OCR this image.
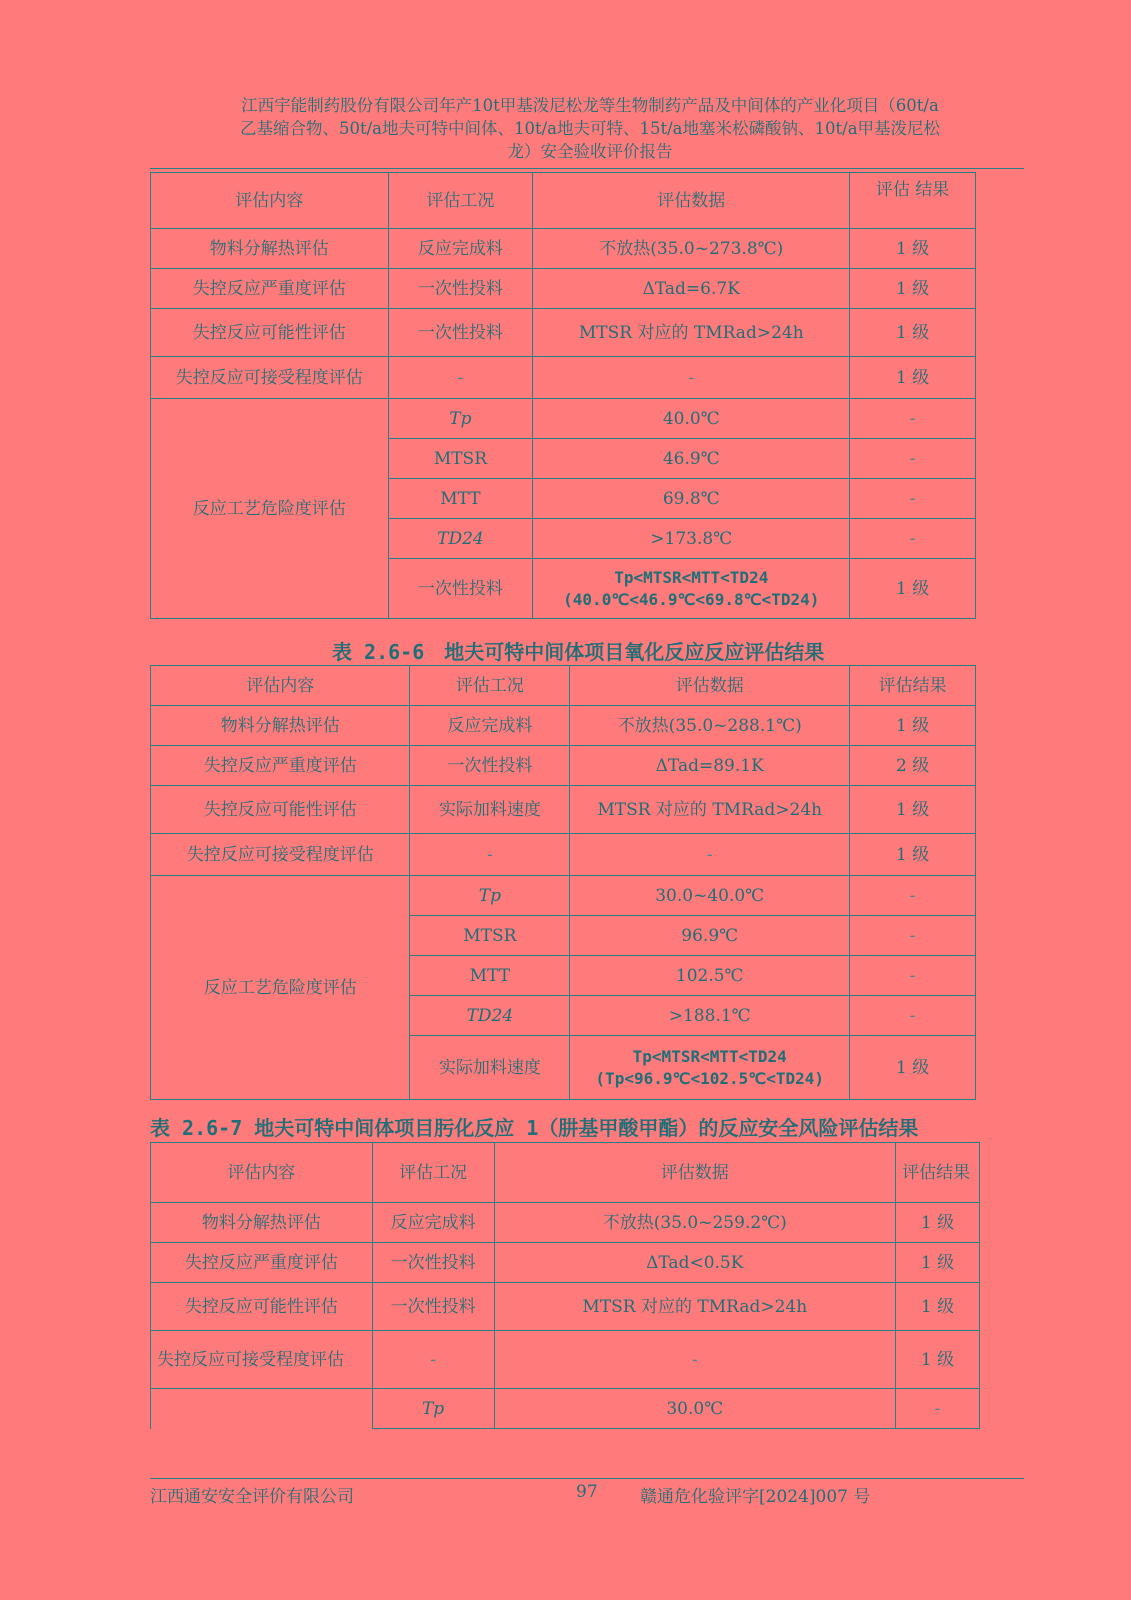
江西宇能制药股份有限公司年产10t甲基泼尼松龙等生物制药产品及中间体的产业化项目（60t/a
乙基缩合物、50t/a地夫可特中间体、10t/a地夫可特、15t/a地塞米松磷酸钠、10t/a甲基泼尼松
龙）安全验收评价报告
评估内容	评估工况	评估数据	评估 结果
物料分解热评估	反应完成料	不放热(35.0~273.8℃)	1 级
失控反应严重度评估	一次性投料	ΔTad=6.7K	1 级
失控反应可能性评估	一次性投料	MTSR 对应的 TMRad>24h	1 级
失控反应可接受程度评估	-	-	1 级
反应工艺危险度评估	Tp	40.0℃	-
	MTSR	46.9℃	-
	MTT	69.8℃	-
	TD24	>173.8℃	-
	一次性投料	Tp<MTSR<MTT<TD24
(40.0℃<46.9℃<69.8℃<TD24)	1 级
表 2.6-6　地夫可特中间体项目氧化反应反应评估结果
评估内容	评估工况	评估数据	评估结果
物料分解热评估	反应完成料	不放热(35.0~288.1℃)	1 级
失控反应严重度评估	一次性投料	ΔTad=89.1K	2 级
失控反应可能性评估	实际加料速度	MTSR 对应的 TMRad>24h	1 级
失控反应可接受程度评估	-	-	1 级
反应工艺危险度评估	Tp	30.0~40.0℃	-
	MTSR	96.9℃	-
	MTT	102.5℃	-
	TD24	>188.1℃	-
	实际加料速度	Tp<MTSR<MTT<TD24
(Tp<96.9℃<102.5℃<TD24)	1 级
表 2.6-7 地夫可特中间体项目肟化反应 1（肼基甲酸甲酯）的反应安全风险评估结果
评估内容	评估工况	评估数据	评估结果
物料分解热评估	反应完成料	不放热(35.0~259.2℃)	1 级
失控反应严重度评估	一次性投料	ΔTad<0.5K	1 级
失控反应可能性评估	一次性投料	MTSR 对应的 TMRad>24h	1 级
失控反应可接受程度评估	-	-	1 级
	Tp	30.0℃	-
江西通安安全评价有限公司	97 赣通危化验评字[2024]007 号
